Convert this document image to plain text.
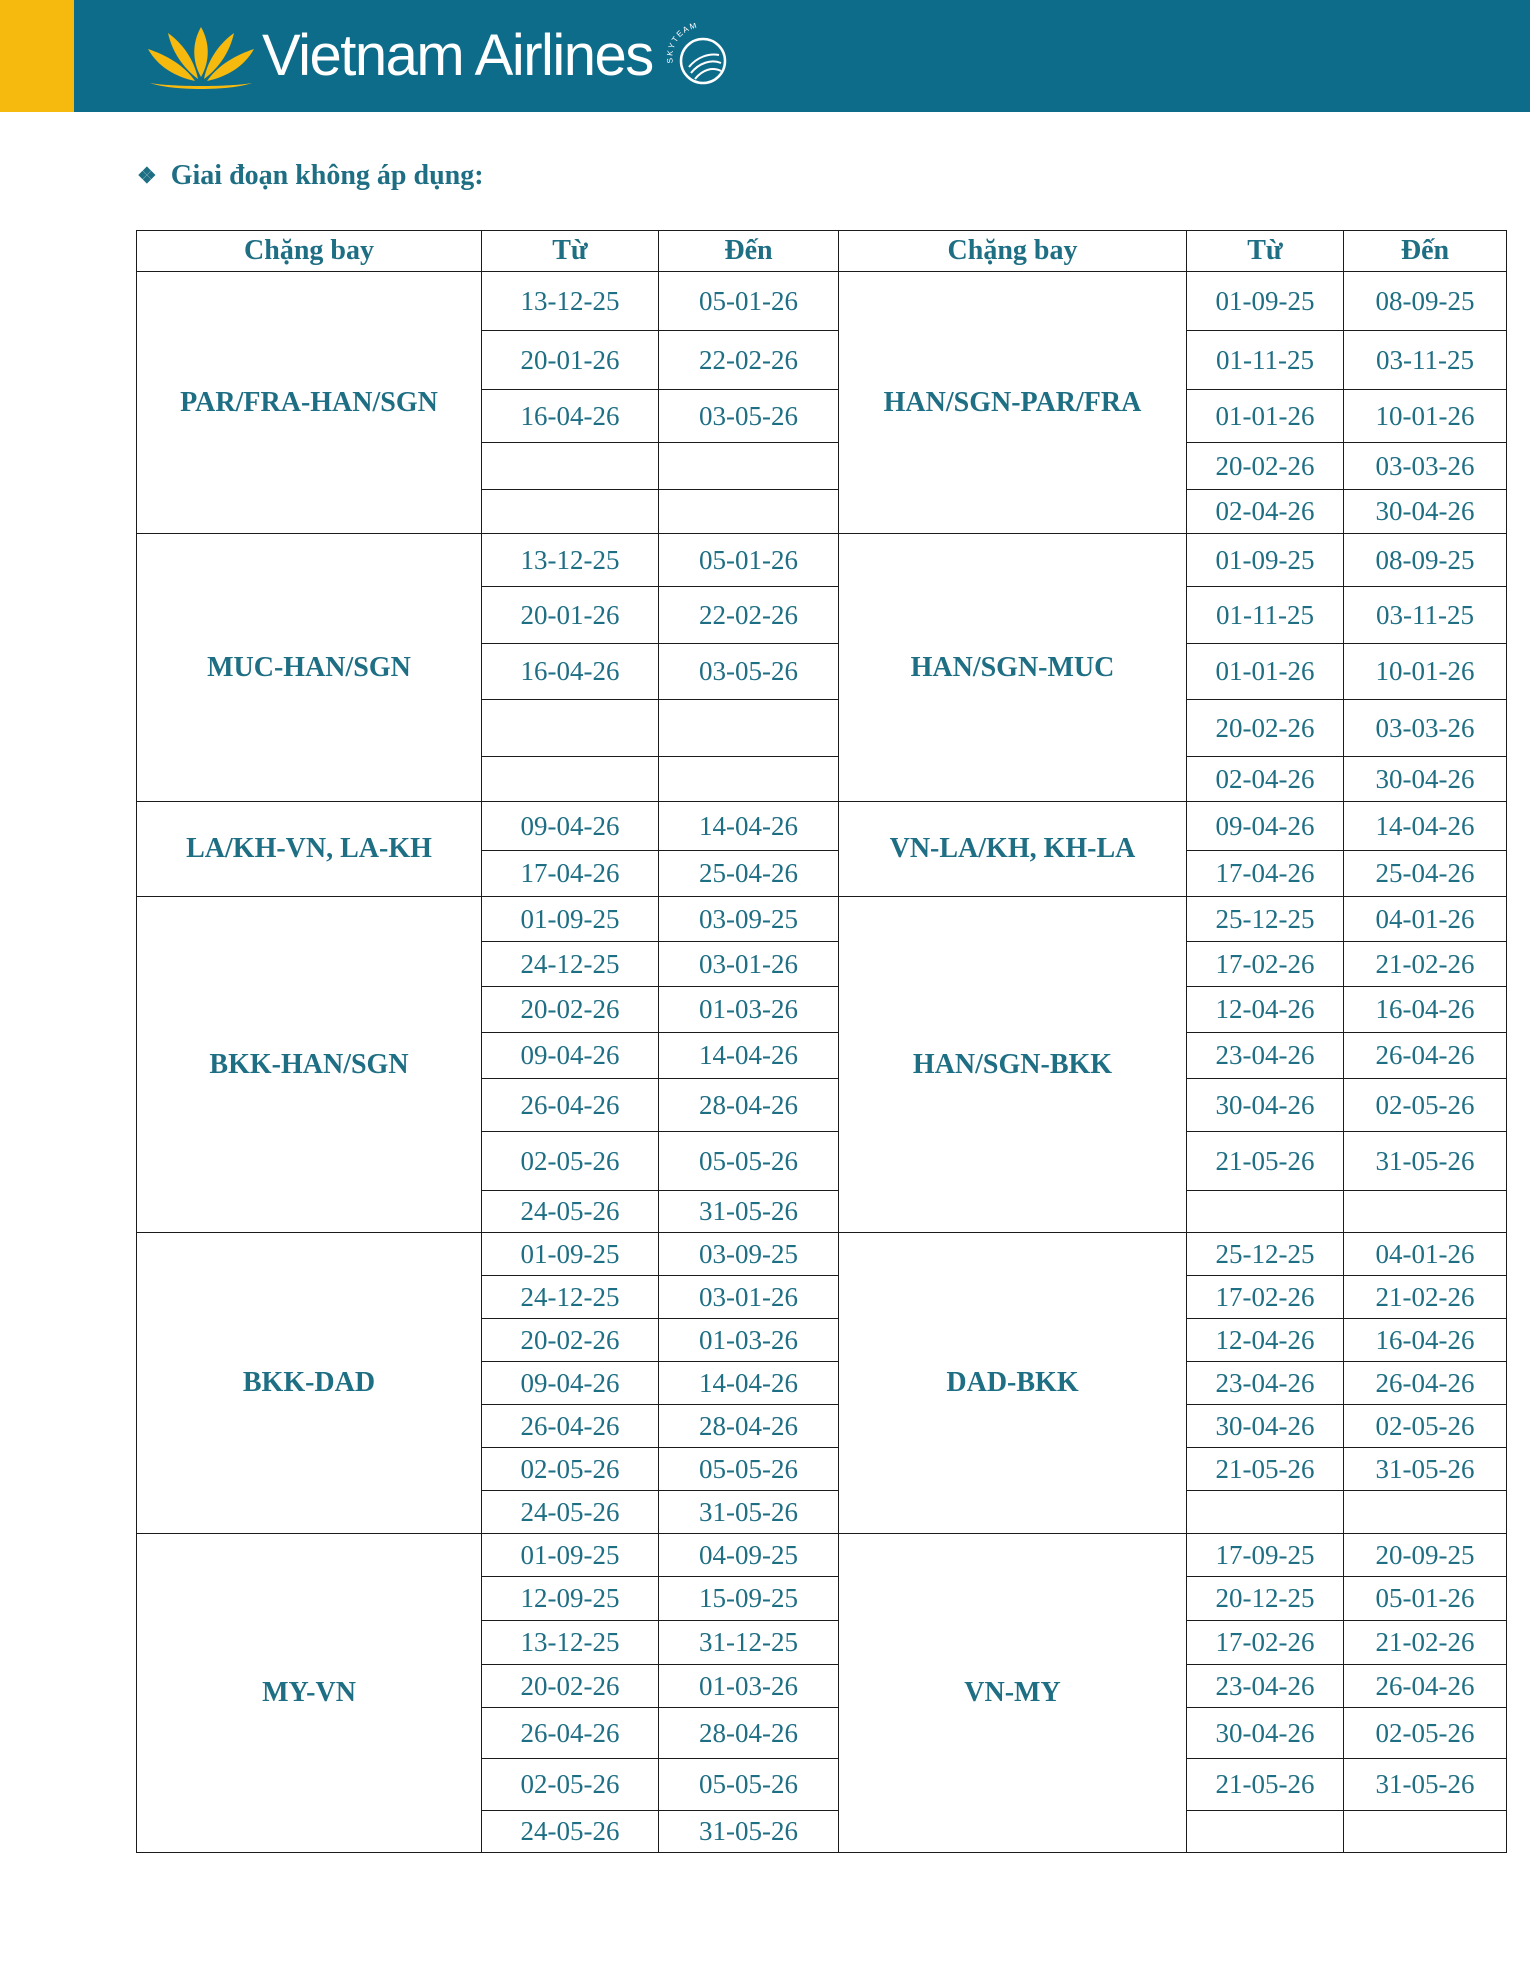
Vietnam Airlines SKYTEAM
❖ Giai đoạn không áp dụng:
Chặng bay	Từ	Đến	Chặng bay	Từ	Đến
PAR/FRA-HAN/SGN	13-12-25	05-01-26	HAN/SGN-PAR/FRA	01-09-25	08-09-25
	20-01-26	22-02-26		01-11-25	03-11-25
	16-04-26	03-05-26		01-01-26	10-01-26
				20-02-26	03-03-26
				02-04-26	30-04-26
MUC-HAN/SGN	13-12-25	05-01-26	HAN/SGN-MUC	01-09-25	08-09-25
	20-01-26	22-02-26		01-11-25	03-11-25
	16-04-26	03-05-26		01-01-26	10-01-26
				20-02-26	03-03-26
				02-04-26	30-04-26
LA/KH-VN, LA-KH	09-04-26	14-04-26	VN-LA/KH, KH-LA	09-04-26	14-04-26
	17-04-26	25-04-26		17-04-26	25-04-26
BKK-HAN/SGN	01-09-25	03-09-25	HAN/SGN-BKK	25-12-25	04-01-26
	24-12-25	03-01-26		17-02-26	21-02-26
	20-02-26	01-03-26		12-04-26	16-04-26
	09-04-26	14-04-26		23-04-26	26-04-26
	26-04-26	28-04-26		30-04-26	02-05-26
	02-05-26	05-05-26		21-05-26	31-05-26
	24-05-26	31-05-26			
BKK-DAD	01-09-25	03-09-25	DAD-BKK	25-12-25	04-01-26
	24-12-25	03-01-26		17-02-26	21-02-26
	20-02-26	01-03-26		12-04-26	16-04-26
	09-04-26	14-04-26		23-04-26	26-04-26
	26-04-26	28-04-26		30-04-26	02-05-26
	02-05-26	05-05-26		21-05-26	31-05-26
	24-05-26	31-05-26			
MY-VN	01-09-25	04-09-25	VN-MY	17-09-25	20-09-25
	12-09-25	15-09-25		20-12-25	05-01-26
	13-12-25	31-12-25		17-02-26	21-02-26
	20-02-26	01-03-26		23-04-26	26-04-26
	26-04-26	28-04-26		30-04-26	02-05-26
	02-05-26	05-05-26		21-05-26	31-05-26
	24-05-26	31-05-26			
